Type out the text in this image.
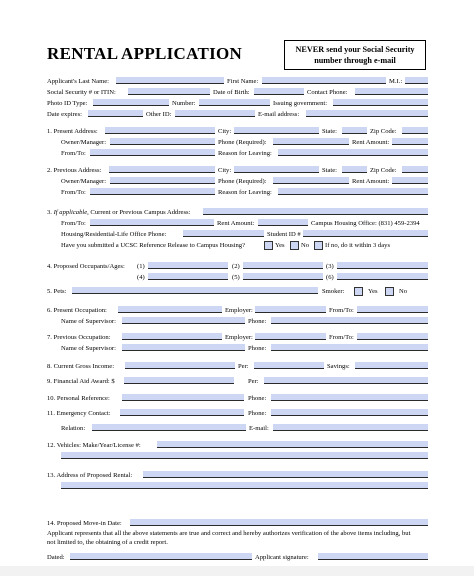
RENTAL APPLICATION	NEVER send your Social Security
number through e-mail
Applicant's Last Name:	First Name:	M.I.:
Social Security # or ITIN:	Date of Birth:	Contact Phone:
Photo ID Type:	Number:	Issuing government:
Date expires:	Other ID:	E-mail address:
1. Present Address:	City:	State:	Zip Code:
Owner/Manager:	Phone (Required):	Rent Amount:
From/To:	Reason for Leaving:
2. Previous Address:	City:	State:	Zip Code:
Owner/Manager:	Phone (Required):	Rent Amount:
From/To:	Reason for Leaving:
3. If applicable, Current or Previous Campus Address:
From/To:	Rent Amount:	Campus Housing Office: (831) 459-2394
Housing/Residential-Life Office Phone:	Student ID #
Have you submitted a UCSC Reference Release to Campus Housing?	Yes No If no, do it within 3 days
4. Proposed Occupants/Ages: (1)	(2)	(3)
(4)	(5)	(6)
5. Pets:	Smoker:	Yes	No
6. Present Occupation:	Employer:	From/To:
Name of Supervisor:	Phone:
7. Previous Occupation:	Employer:	From/To:
Name of Supervisor:	Phone:
8. Current Gross Income:	Per:	Savings:
9. Financial Aid Award: $	Per:
10. Personal Reference:	Phone:
11. Emergency Contact:	Phone:
Relation:	E-mail:
12. Vehicles: Make/Year/License #:
13. Address of Proposed Rental:
14. Proposed Move-in Date:
Applicant represents that all the above statements are true and correct and hereby authorizes verification of the above items including, but
not limited to, the obtaining of a credit report.
Dated:	Applicant signature:
